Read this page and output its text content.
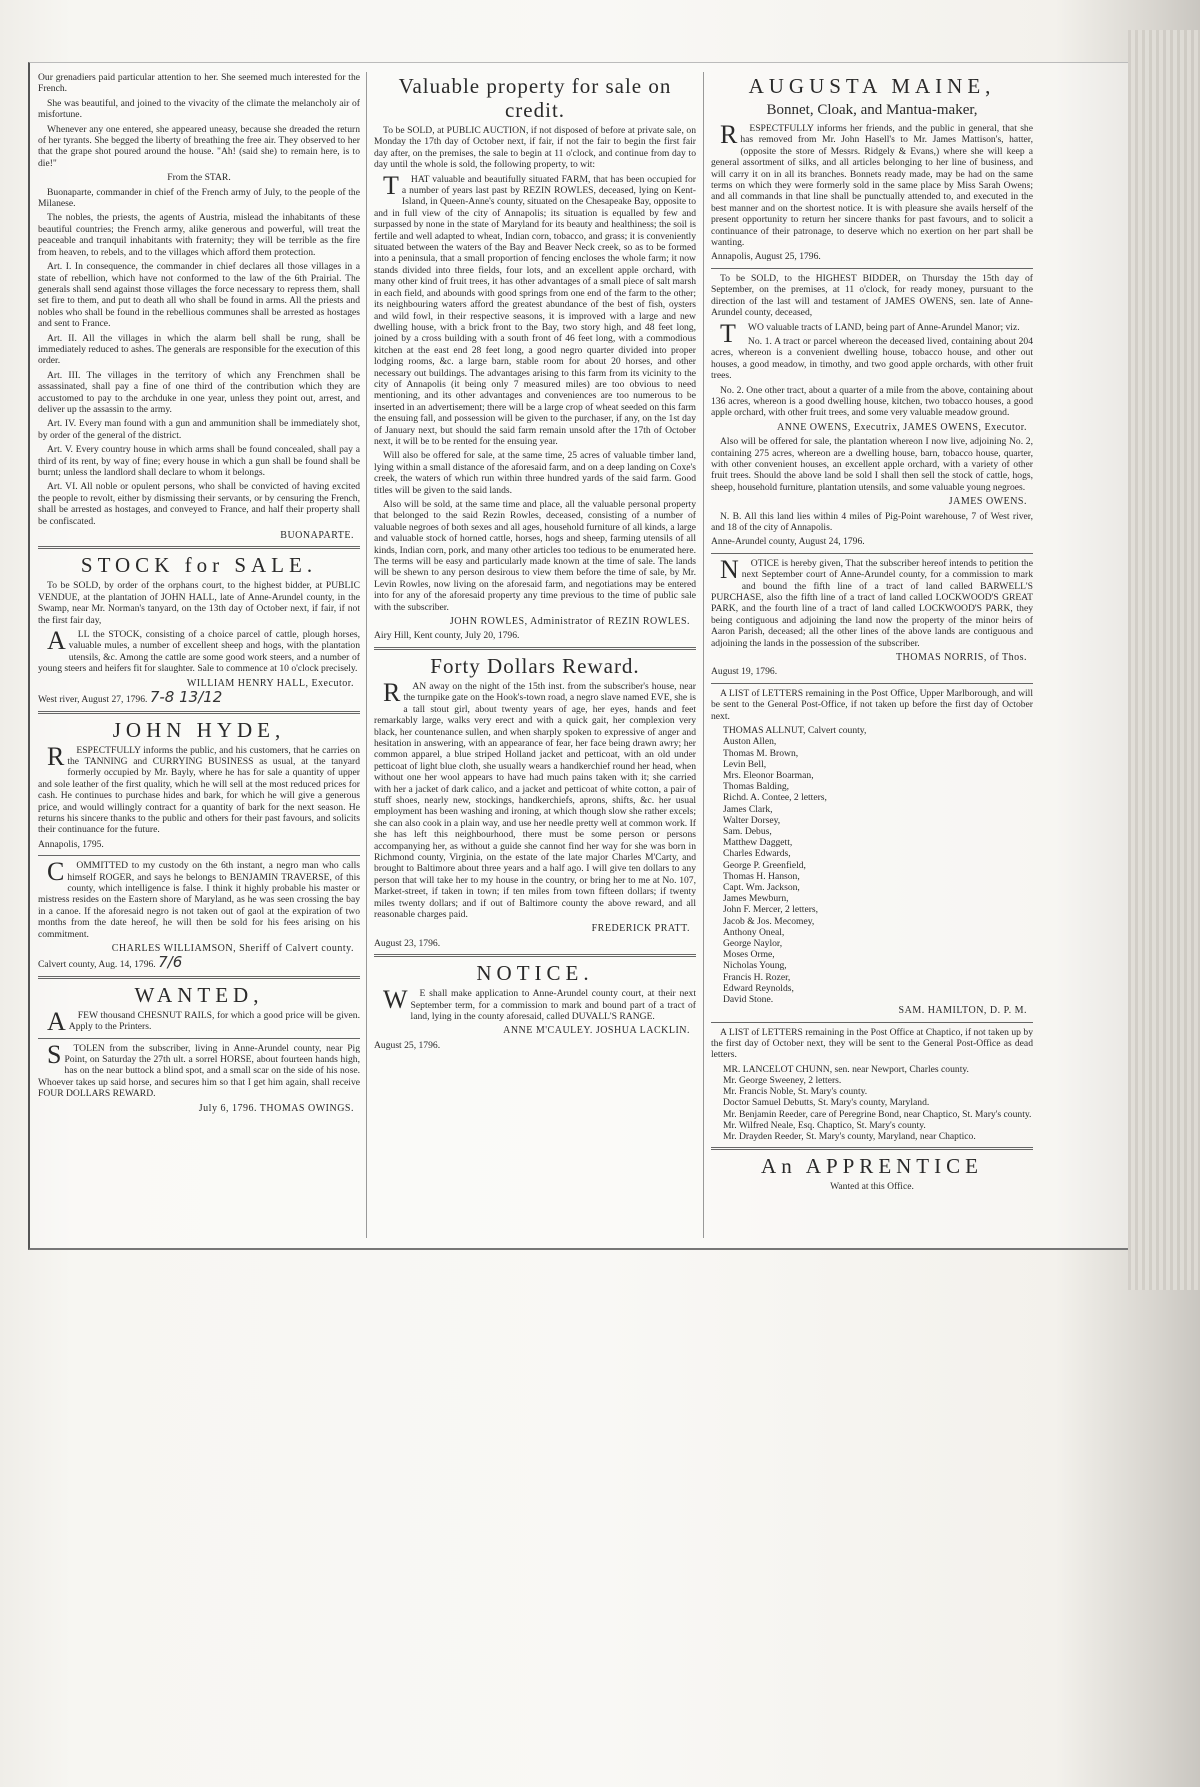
Our grenadiers paid particular attention to her. She seemed much interested for the French.

She was beautiful, and joined to the vivacity of the climate the melancholy air of misfortune.

Whenever any one entered, she appeared uneasy, because she dreaded the return of her tyrants. She begged the liberty of breathing the free air. They observed to her that the grape shot poured around the house. "Ah! (said she) to remain here, is to die!"

From the STAR.

Buonaparte, commander in chief of the French army of July, to the people of the Milanese.

The nobles, the priests, the agents of Austria, mislead the inhabitants of these beautiful countries; the French army, alike generous and powerful, will treat the peaceable and tranquil inhabitants with fraternity; they will be terrible as the fire from heaven, to rebels, and to the villages which afford them protection.

Art. I. In consequence, the commander in chief declares all those villages in a state of rebellion, which have not conformed to the law of the 6th Prairial. The generals shall send against those villages the force necessary to repress them, shall set fire to them, and put to death all who shall be found in arms. All the priests and nobles who shall be found in the rebellious communes shall be arrested as hostages and sent to France.

Art. II. All the villages in which the alarm bell shall be rung, shall be immediately reduced to ashes. The generals are responsible for the execution of this order.

Art. III. The villages in the territory of which any Frenchmen shall be assassinated, shall pay a fine of one third of the contribution which they are accustomed to pay to the archduke in one year, unless they point out, arrest, and deliver up the assassin to the army.

Art. IV. Every man found with a gun and ammunition shall be immediately shot, by order of the general of the district.

Art. V. Every country house in which arms shall be found concealed, shall pay a third of its rent, by way of fine; every house in which a gun shall be found shall be burnt; unless the landlord shall declare to whom it belongs.

Art. VI. All noble or opulent persons, who shall be convicted of having excited the people to revolt, either by dismissing their servants, or by censuring the French, shall be arrested as hostages, and conveyed to France, and half their property shall be confiscated.

BUONAPARTE.

STOCK for SALE.

To be SOLD, by order of the orphans court, to the highest bidder, at PUBLIC VENDUE, at the plantation of JOHN HALL, late of Anne-Arundel county, in the Swamp, near Mr. Norman's tanyard, on the 13th day of October next, if fair, if not the first fair day,

ALL the STOCK, consisting of a choice parcel of cattle, plough horses, valuable mules, a number of excellent sheep and hogs, with the plantation utensils, &c. Among the cattle are some good work steers, and a number of young steers and heifers fit for slaughter. Sale to commence at 10 o'clock precisely.

WILLIAM HENRY HALL, Executor.

West river, August 27, 1796. 7-8 13/12

JOHN HYDE,

RESPECTFULLY informs the public, and his customers, that he carries on the TANNING and CURRYING BUSINESS as usual, at the tanyard formerly occupied by Mr. Bayly, where he has for sale a quantity of upper and sole leather of the first quality, which he will sell at the most reduced prices for cash. He continues to purchase hides and bark, for which he will give a generous price, and would willingly contract for a quantity of bark for the next season. He returns his sincere thanks to the public and others for their past favours, and solicits their continuance for the future.

Annapolis, 1795.

COMMITTED to my custody on the 6th instant, a negro man who calls himself ROGER, and says he belongs to BENJAMIN TRAVERSE, of this county, which intelligence is false. I think it highly probable his master or mistress resides on the Eastern shore of Maryland, as he was seen crossing the bay in a canoe. If the aforesaid negro is not taken out of gaol at the expiration of two months from the date hereof, he will then be sold for his fees arising on his commitment.

CHARLES WILLIAMSON, Sheriff of Calvert county.

Calvert county, Aug. 14, 1796. 7/6

WANTED,

AFEW thousand CHESNUT RAILS, for which a good price will be given. Apply to the Printers.

STOLEN from the subscriber, living in Anne-Arundel county, near Pig Point, on Saturday the 27th ult. a sorrel HORSE, about fourteen hands high, has on the near buttock a blind spot, and a small scar on the side of his nose. Whoever takes up said horse, and secures him so that I get him again, shall receive FOUR DOLLARS REWARD.

July 6, 1796. THOMAS OWINGS.

Valuable property for sale on credit.

To be SOLD, at PUBLIC AUCTION, if not disposed of before at private sale, on Monday the 17th day of October next, if fair, if not the fair to begin the first fair day after, on the premises, the sale to begin at 11 o'clock, and continue from day to day until the whole is sold, the following property, to wit:

THAT valuable and beautifully situated FARM, that has been occupied for a number of years last past by REZIN ROWLES, deceased, lying on Kent-Island, in Queen-Anne's county, situated on the Chesapeake Bay, opposite to and in full view of the city of Annapolis; its situation is equalled by few and surpassed by none in the state of Maryland for its beauty and healthiness; the soil is fertile and well adapted to wheat, Indian corn, tobacco, and grass; it is conveniently situated between the waters of the Bay and Beaver Neck creek, so as to be formed into a peninsula, that a small proportion of fencing encloses the whole farm; it now stands divided into three fields, four lots, and an excellent apple orchard, with many other kind of fruit trees, it has other advantages of a small piece of salt marsh in each field, and abounds with good springs from one end of the farm to the other; its neighbouring waters afford the greatest abundance of the best of fish, oysters and wild fowl, in their respective seasons, it is improved with a large and new dwelling house, with a brick front to the Bay, two story high, and 48 feet long, joined by a cross building with a south front of 46 feet long, with a commodious kitchen at the east end 28 feet long, a good negro quarter divided into proper lodging rooms, &c. a large barn, stable room for about 20 horses, and other necessary out buildings. The advantages arising to this farm from its vicinity to the city of Annapolis (it being only 7 measured miles) are too obvious to need mentioning, and its other advantages and conveniences are too numerous to be inserted in an advertisement; there will be a large crop of wheat seeded on this farm the ensuing fall, and possession will be given to the purchaser, if any, on the 1st day of January next, but should the said farm remain unsold after the 17th of October next, it will be to be rented for the ensuing year.

Will also be offered for sale, at the same time, 25 acres of valuable timber land, lying within a small distance of the aforesaid farm, and on a deep landing on Coxe's creek, the waters of which run within three hundred yards of the said farm. Good titles will be given to the said lands.

Also will be sold, at the same time and place, all the valuable personal property that belonged to the said Rezin Rowles, deceased, consisting of a number of valuable negroes of both sexes and all ages, household furniture of all kinds, a large and valuable stock of horned cattle, horses, hogs and sheep, farming utensils of all kinds, Indian corn, pork, and many other articles too tedious to be enumerated here. The terms will be easy and particularly made known at the time of sale. The lands will be shewn to any person desirous to view them before the time of sale, by Mr. Levin Rowles, now living on the aforesaid farm, and negotiations may be entered into for any of the aforesaid property any time previous to the time of public sale with the subscriber.

JOHN ROWLES, Administrator of REZIN ROWLES.

Airy Hill, Kent county, July 20, 1796.

Forty Dollars Reward.

RAN away on the night of the 15th inst. from the subscriber's house, near the turnpike gate on the Hook's-town road, a negro slave named EVE, she is a tall stout girl, about twenty years of age, her eyes, hands and feet remarkably large, walks very erect and with a quick gait, her complexion very black, her countenance sullen, and when sharply spoken to expressive of anger and hesitation in answering, with an appearance of fear, her face being drawn awry; her common apparel, a blue striped Holland jacket and petticoat, with an old under petticoat of light blue cloth, she usually wears a handkerchief round her head, when without one her wool appears to have had much pains taken with it; she carried with her a jacket of dark calico, and a jacket and petticoat of white cotton, a pair of stuff shoes, nearly new, stockings, handkerchiefs, aprons, shifts, &c. her usual employment has been washing and ironing, at which though slow she rather excels; she can also cook in a plain way, and use her needle pretty well at common work. If she has left this neighbourhood, there must be some person or persons accompanying her, as without a guide she cannot find her way for she was born in Richmond county, Virginia, on the estate of the late major Charles M'Carty, and brought to Baltimore about three years and a half ago. I will give ten dollars to any person that will take her to my house in the country, or bring her to me at No. 107, Market-street, if taken in town; if ten miles from town fifteen dollars; if twenty miles twenty dollars; and if out of Baltimore county the above reward, and all reasonable charges paid.

FREDERICK PRATT.

August 23, 1796.

NOTICE.

WE shall make application to Anne-Arundel county court, at their next September term, for a commission to mark and bound part of a tract of land, lying in the county aforesaid, called DUVALL'S RANGE.

ANNE M'CAULEY. JOSHUA LACKLIN.

August 25, 1796.

AUGUSTA MAINE,

Bonnet, Cloak, and Mantua-maker,

RESPECTFULLY informs her friends, and the public in general, that she has removed from Mr. John Hasell's to Mr. James Mattison's, hatter, (opposite the store of Messrs. Ridgely & Evans,) where she will keep a general assortment of silks, and all articles belonging to her line of business, and will carry it on in all its branches. Bonnets ready made, may be had on the same terms on which they were formerly sold in the same place by Miss Sarah Owens; and all commands in that line shall be punctually attended to, and executed in the best manner and on the shortest notice. It is with pleasure she avails herself of the present opportunity to return her sincere thanks for past favours, and to solicit a continuance of their patronage, to deserve which no exertion on her part shall be wanting.

Annapolis, August 25, 1796.

To be SOLD, to the HIGHEST BIDDER, on Thursday the 15th day of September, on the premises, at 11 o'clock, for ready money, pursuant to the direction of the last will and testament of JAMES OWENS, sen. late of Anne-Arundel county, deceased,

TWO valuable tracts of LAND, being part of Anne-Arundel Manor; viz.

No. 1. A tract or parcel whereon the deceased lived, containing about 204 acres, whereon is a convenient dwelling house, tobacco house, and other out houses, a good meadow, in timothy, and two good apple orchards, with other fruit trees.

No. 2. One other tract, about a quarter of a mile from the above, containing about 136 acres, whereon is a good dwelling house, kitchen, two tobacco houses, a good apple orchard, with other fruit trees, and some very valuable meadow ground.

ANNE OWENS, Executrix, JAMES OWENS, Executor.

Also will be offered for sale, the plantation whereon I now live, adjoining No. 2, containing 275 acres, whereon are a dwelling house, barn, tobacco house, quarter, with other convenient houses, an excellent apple orchard, with a variety of other fruit trees. Should the above land be sold I shall then sell the stock of cattle, hogs, sheep, household furniture, plantation utensils, and some valuable young negroes.

JAMES OWENS.

N. B. All this land lies within 4 miles of Pig-Point warehouse, 7 of West river, and 18 of the city of Annapolis.

Anne-Arundel county, August 24, 1796.

NOTICE is hereby given, That the subscriber hereof intends to petition the next September court of Anne-Arundel county, for a commission to mark and bound the fifth line of a tract of land called BARWELL'S PURCHASE, also the fifth line of a tract of land called LOCKWOOD'S GREAT PARK, and the fourth line of a tract of land called LOCKWOOD'S PARK, they being contiguous and adjoining the land now the property of the minor heirs of Aaron Parish, deceased; all the other lines of the above lands are contiguous and adjoining the lands in the possession of the subscriber.

THOMAS NORRIS, of Thos.

August 19, 1796.

A LIST of LETTERS remaining in the Post Office, Upper Marlborough, and will be sent to the General Post-Office, if not taken up before the first day of October next.

THOMAS ALLNUT, Calvert county,
Auston Allen,
Thomas M. Brown,
Levin Bell,
Mrs. Eleonor Boarman,
Thomas Balding,
Richd. A. Contee, 2 letters,
James Clark,
Walter Dorsey,
Sam. Debus,
Matthew Daggett,
Charles Edwards,
George P. Greenfield,
Thomas H. Hanson,
Capt. Wm. Jackson,
James Mewburn,
John F. Mercer, 2 letters,
Jacob & Jos. Mecomey,
Anthony Oneal,
George Naylor,
Moses Orme,
Nicholas Young,
Francis H. Rozer,
Edward Reynolds,
David Stone.

SAM. HAMILTON, D. P. M.

A LIST of LETTERS remaining in the Post Office at Chaptico, if not taken up by the first day of October next, they will be sent to the General Post-Office as dead letters.

MR. LANCELOT CHUNN, sen. near Newport, Charles county.
Mr. George Sweeney, 2 letters.
Mr. Francis Noble, St. Mary's county.
Doctor Samuel Debutts, St. Mary's county, Maryland.
Mr. Benjamin Reeder, care of Peregrine Bond, near Chaptico, St. Mary's county.
Mr. Wilfred Neale, Esq. Chaptico, St. Mary's county.
Mr. Drayden Reeder, St. Mary's county, Maryland, near Chaptico.

An APPRENTICE

Wanted at this Office.
